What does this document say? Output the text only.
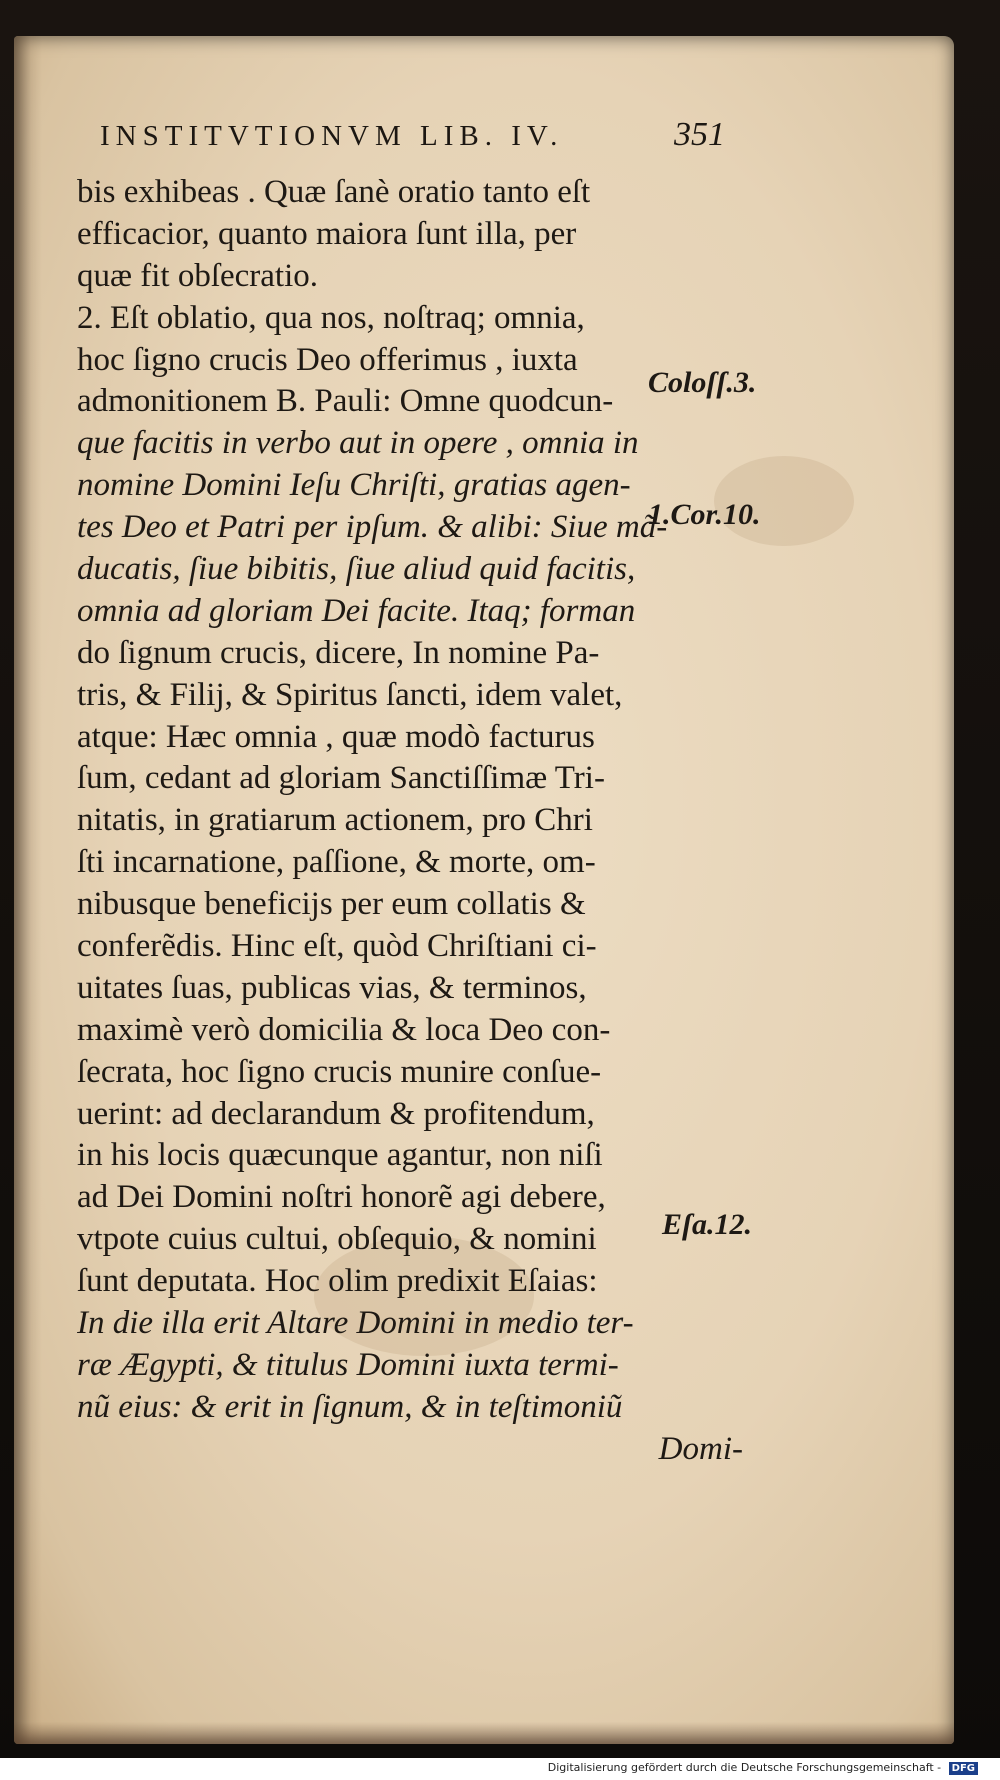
INSTITVTIONVM LIB. IV.	351
bis exhibeas . Quæ ſanè oratio tanto eſt
efficacior, quanto maiora ſunt illa, per
quæ fit obſecratio.
2. Eſt oblatio, qua nos, noſtraq; omnia,
hoc ſigno crucis Deo offerimus , iuxta
admonitionem B. Pauli: Omne quodcun-
que facitis in verbo aut in opere , omnia in
nomine Domini Ieſu Chriſti, gratias agen-
tes Deo et Patri per ipſum. & alibi: Siue mã-
ducatis, ſiue bibitis, ſiue aliud quid facitis,
omnia ad gloriam Dei facite. Itaq; forman
do ſignum crucis, dicere, In nomine Pa-
tris, & Filij, & Spiritus ſancti, idem valet,
atque: Hæc omnia , quæ modò facturus
ſum, cedant ad gloriam Sanctiſſimæ Tri-
nitatis, in gratiarum actionem, pro Chri
ſti incarnatione, paſſione, & morte, om-
nibusque beneficijs per eum collatis &
conferẽdis. Hinc eſt, quòd Chriſtiani ci-
uitates ſuas, publicas vias, & terminos,
maximè verò domicilia & loca Deo con-
ſecrata, hoc ſigno crucis munire conſue-
uerint: ad declarandum & profitendum,
in his locis quæcunque agantur, non niſi
ad Dei Domini noſtri honorẽ agi debere,
vtpote cuius cultui, obſequio, & nomini
ſunt deputata. Hoc olim predixit Eſaias:
In die illa erit Altare Domini in medio ter-
ræ Ægypti, & titulus Domini iuxta termi-
nũ eius: & erit in ſignum, & in teſtimoniũ
Domi-
Coloſſ.3.
1.Cor.10.
Eſa.12.
Digitalisierung gefördert durch die Deutsche Forschungsgemeinschaft - DFG
